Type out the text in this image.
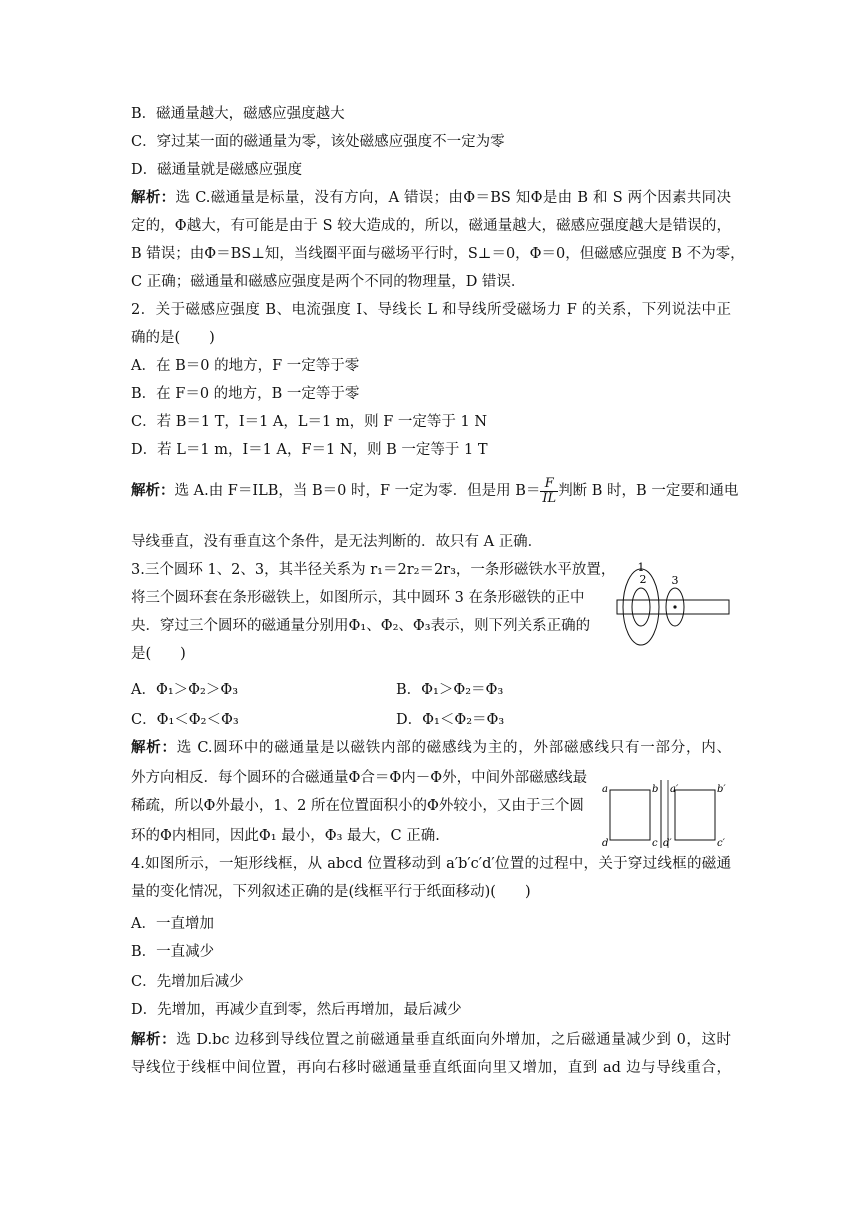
B．磁通量越大，磁感应强度越大
C．穿过某一面的磁通量为零，该处磁感应强度不一定为零
D．磁通量就是磁感应强度
解析：选 C.磁通量是标量，没有方向，A 错误；由Φ＝BS 知Φ是由 B 和 S 两个因素共同决
定的，Φ越大，有可能是由于 S 较大造成的，所以，磁通量越大，磁感应强度越大是错误的，
B 错误；由Φ＝BS⊥知，当线圈平面与磁场平行时，S⊥＝0，Φ＝0，但磁感应强度 B 不为零，
C 正确；磁通量和磁感应强度是两个不同的物理量，D 错误．
2．关于磁感应强度 B、电流强度 I、导线长 L 和导线所受磁场力 F 的关系，下列说法中正
确的是(　　)
A．在 B＝0 的地方，F 一定等于零
B．在 F＝0 的地方，B 一定等于零
C．若 B＝1 T，I＝1 A，L＝1 m，则 F 一定等于 1 N
D．若 L＝1 m，I＝1 A，F＝1 N，则 B 一定等于 1 T
解析：选 A.由 F＝ILB，当 B＝0 时，F 一定为零．但是用 $B= \frac{F}{IL}$ 判断 B 时，B 一定要和通电
导线垂直，没有垂直这个条件，是无法判断的．故只有 A 正确．
3.三个圆环 1、2、3，其半径关系为 r₁＝2r₂＝2r₃，一条形磁铁水平放置，
将三个圆环套在条形磁铁上，如图所示，其中圆环 3 在条形磁铁的正中
央．穿过三个圆环的磁通量分别用Φ₁、Φ₂、Φ₃表示，则下列关系正确的
是(　　)
A．Φ₁＞Φ₂＞Φ₃	B．Φ₁＞Φ₂＝Φ₃
C．Φ₁＜Φ₂＜Φ₃	D．Φ₁＜Φ₂＝Φ₃
解析：选 C.圆环中的磁通量是以磁铁内部的磁感线为主的，外部磁感线只有一部分，内、
外方向相反．每个圆环的合磁通量Φ合＝Φ内－Φ外，中间外部磁感线最
稀疏，所以Φ外最小，1、2 所在位置面积小的Φ外较小，又由于三个圆
环的Φ内相同，因此Φ₁ 最小，Φ₃ 最大，C 正确.
4.如图所示，一矩形线框，从 abcd 位置移动到 a′b′c′d′位置的过程中，关于穿过线框的磁通
量的变化情况，下列叙述正确的是(线框平行于纸面移动)(　　)
A．一直增加
B．一直减少
C．先增加后减少
D．先增加，再减少直到零，然后再增加，最后减少
解析：选 D.bc 边移到导线位置之前磁通量垂直纸面向外增加，之后磁通量减少到 0，这时
导线位于线框中间位置，再向右移时磁通量垂直纸面向里又增加，直到 ad 边与导线重合，
1
2 3
a	b
c
d
a′	b′
c′
d′
